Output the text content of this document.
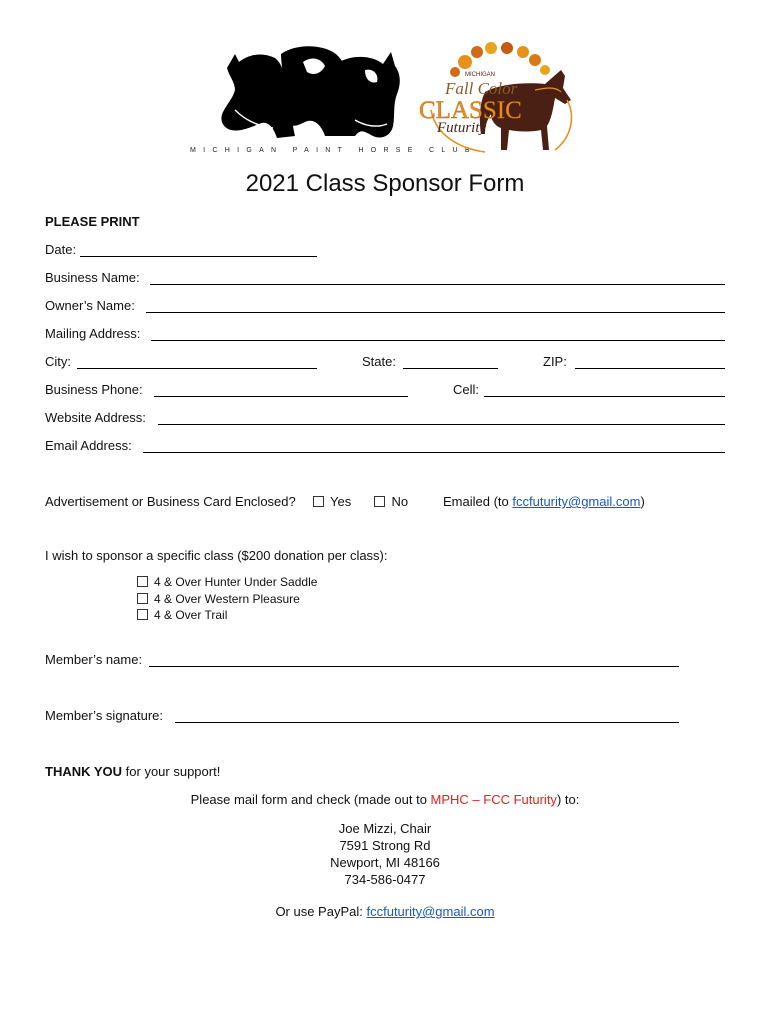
MICHIGAN PAINT HORSE CLUB
MICHIGAN
Fall Color
CLASSIC
Futurity
2021 Class Sponsor Form
PLEASE PRINT
Date:
Business Name:
Owner’s Name:
Mailing Address:
City:	State:	ZIP:
Business Phone:	Cell:
Website Address:
Email Address:
Advertisement or Business Card Enclosed?	Yes	No	Emailed (to fccfuturity@gmail.com)
I wish to sponsor a specific class ($200 donation per class):
4 & Over Hunter Under Saddle
4 & Over Western Pleasure
4 & Over Trail
Member’s name:
Member’s signature:
THANK YOU for your support!
Please mail form and check (made out to MPHC – FCC Futurity) to:
Joe Mizzi, Chair
7591 Strong Rd
Newport, MI 48166
734-586-0477
Or use PayPal: fccfuturity@gmail.com
